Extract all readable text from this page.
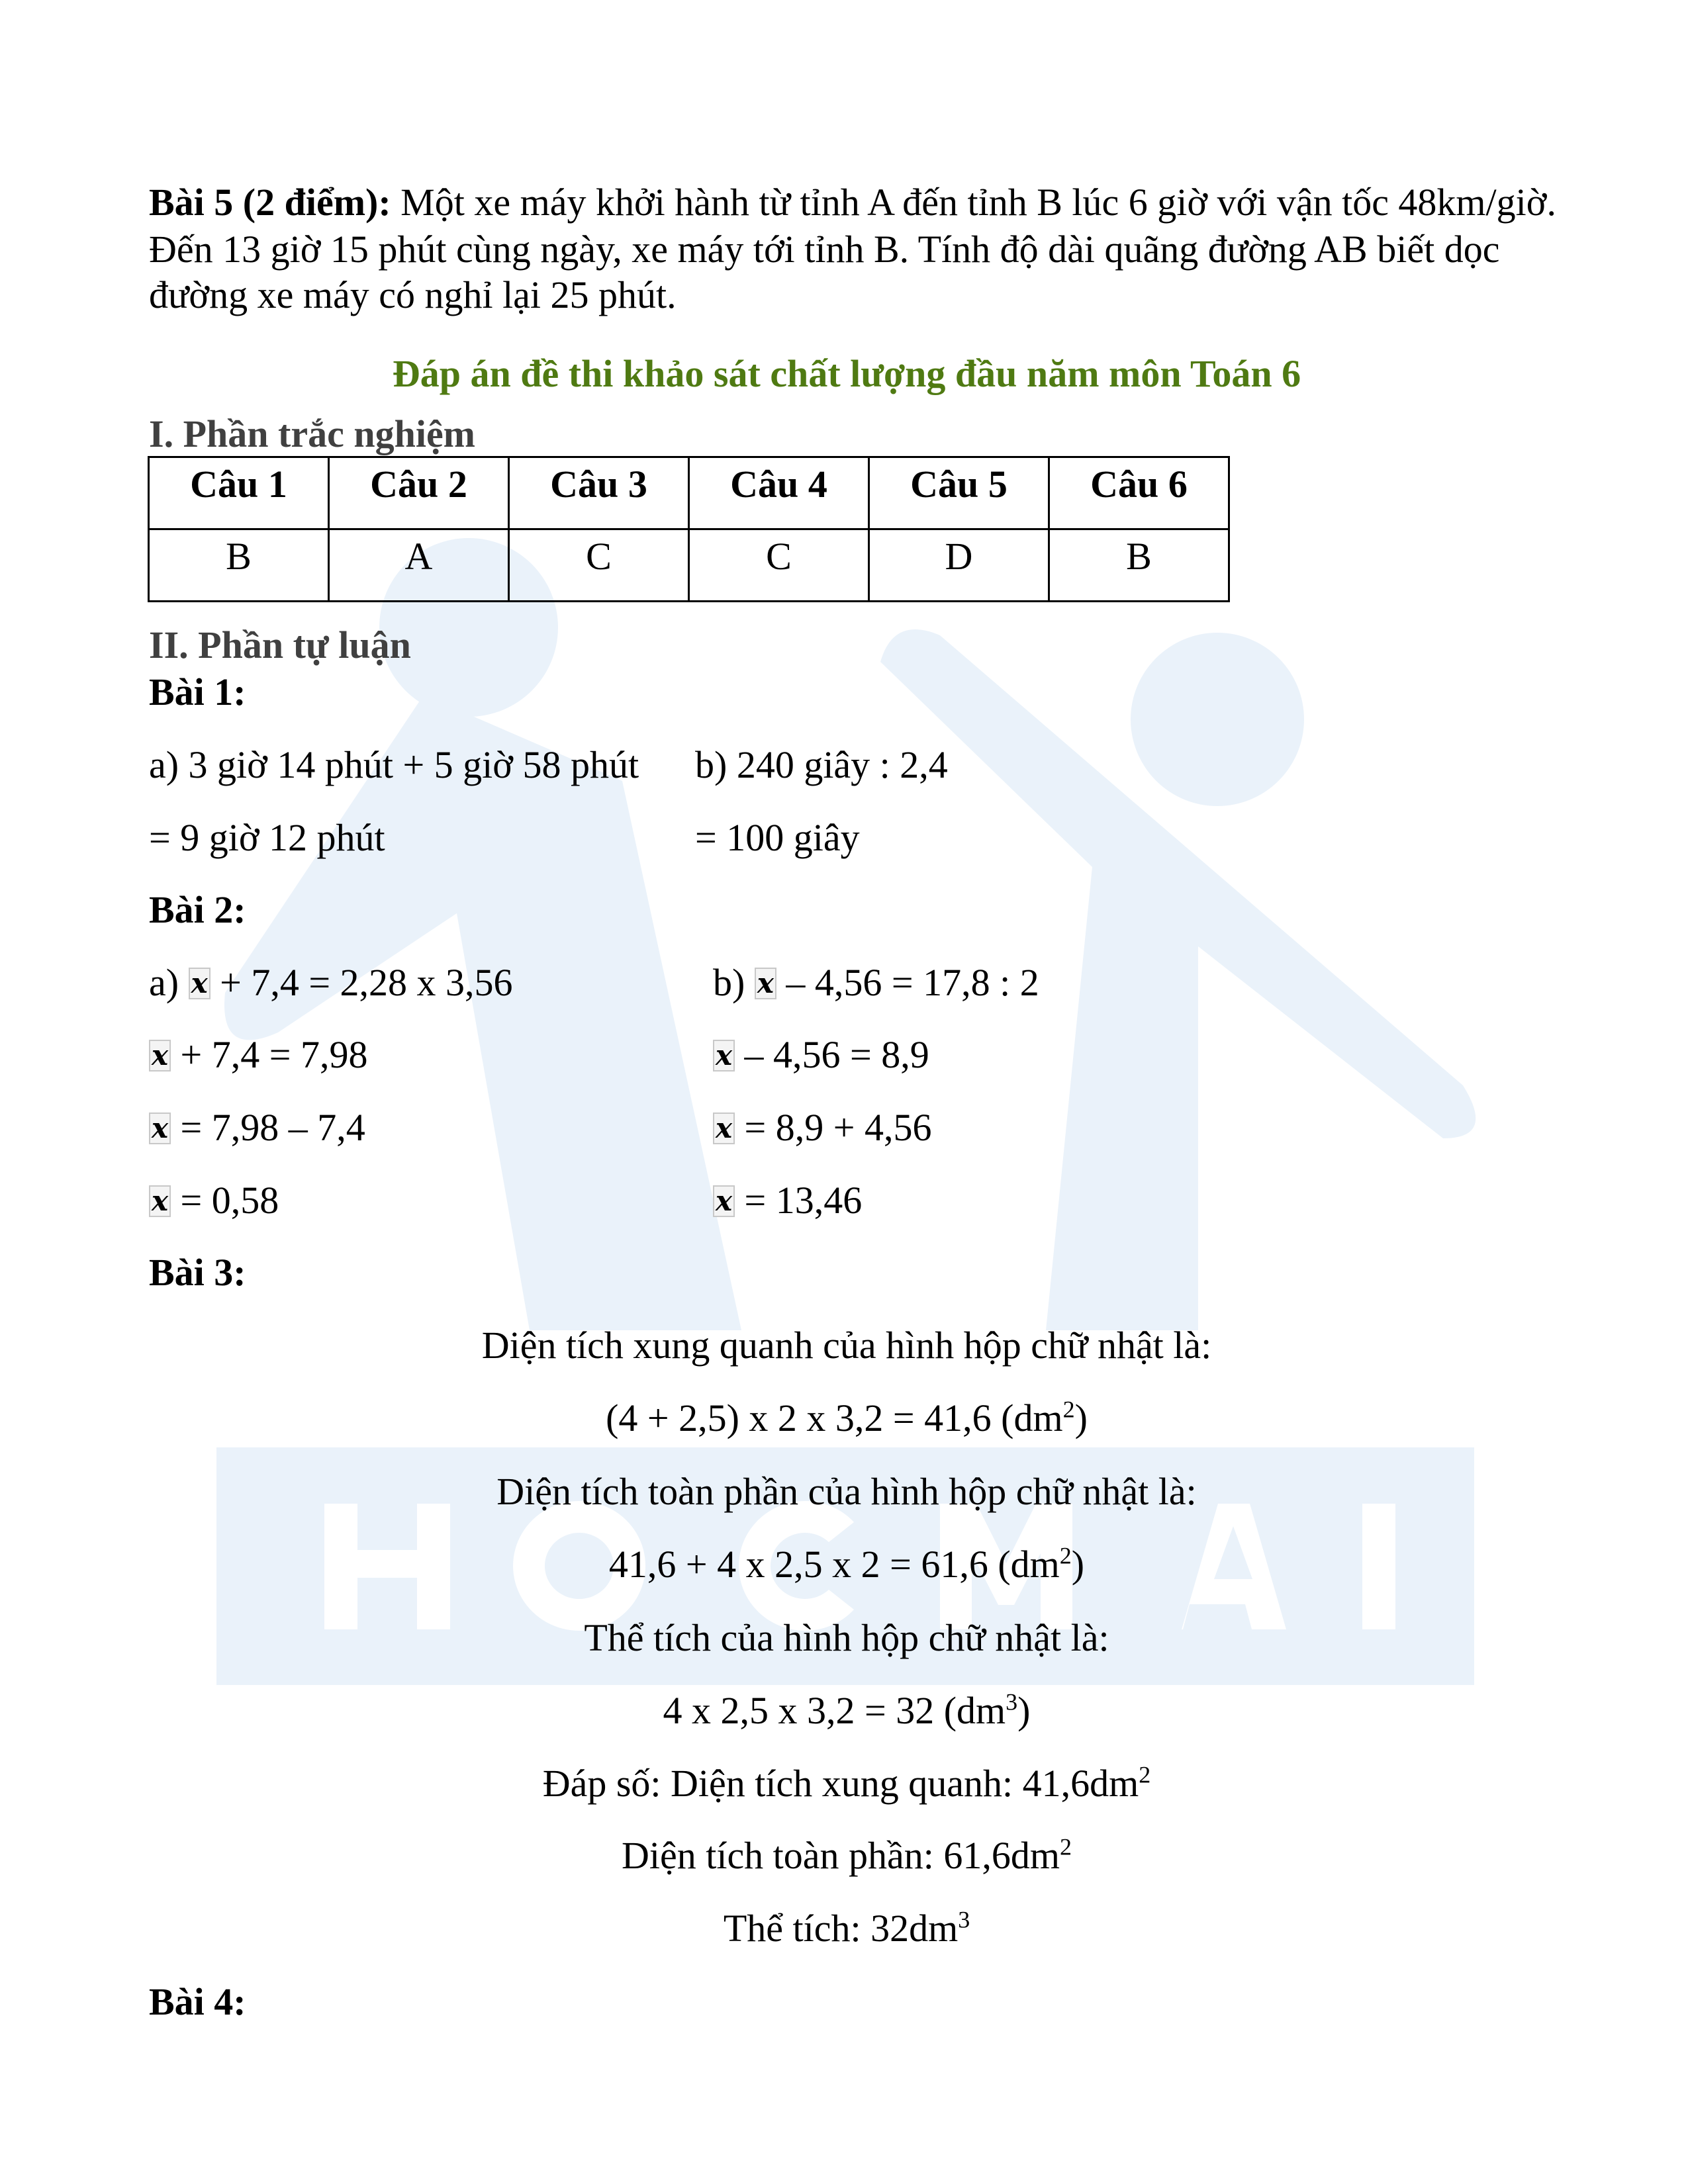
Bài 5 (2 điểm): Một xe máy khởi hành từ tỉnh A đến tỉnh B lúc 6 giờ với vận tốc 48km/giờ.
Đến 13 giờ 15 phút cùng ngày, xe máy tới tỉnh B. Tính độ dài quãng đường AB biết dọc
đường xe máy có nghỉ lại 25 phút.
Đáp án đề thi khảo sát chất lượng đầu năm môn Toán 6
I. Phần trắc nghiệm
Câu 1	Câu 2	Câu 3	Câu 4	Câu 5	Câu 6
B	A	C	C	D	B
II. Phần tự luận
Bài 1:
a) 3 giờ 14 phút + 5 giờ 58 phút
= 9 giờ 12 phút
b) 240 giây : 2,4
= 100 giây
Bài 2:
a) x + 7,4 = 2,28 x 3,56
x + 7,4 = 7,98
x = 7,98 – 7,4
x = 0,58
b) x – 4,56 = 17,8 : 2
x – 4,56 = 8,9
x = 8,9 + 4,56
x = 13,46
Bài 3:
Diện tích xung quanh của hình hộp chữ nhật là:
(4 + 2,5) x 2 x 3,2 = 41,6 $(dm^2)$
Diện tích toàn phần của hình hộp chữ nhật là:
41,6 + 4 x 2,5 x 2 = 61,6 $(dm^2)$
Thể tích của hình hộp chữ nhật là:
4 x 2,5 x 3,2 = 32 $(dm^3)$
Đáp số: Diện tích xung quanh: $41,6dm^2$
Diện tích toàn phần: $61,6dm^2$
Thể tích: $32dm^3$
Bài 4:
